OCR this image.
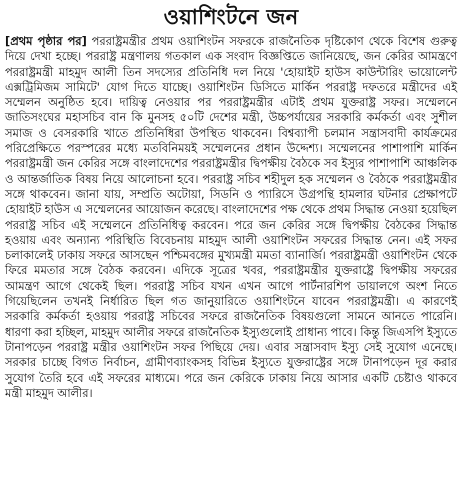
ওয়াশিংটনে জন

[প্রথম পৃষ্ঠার পর] পররাষ্ট্রমন্ত্রীর প্রথম ওয়াশিংটন সফরকে রাজনৈতিক দৃষ্টিকোণ থেকে বিশেষ গুরুত্ব দিয়ে দেখা হচ্ছে। পররাষ্ট্র মন্ত্রণালয় গতকাল এক সংবাদ বিজ্ঞপ্তিতে জানিয়েছে, জন কেরির আমন্ত্রণে পররাষ্ট্রমন্ত্রী মাহমুদ আলী তিন সদস্যের প্রতিনিধি দল নিয়ে 'হোয়াইট হাউস কাউন্টারিং ভায়োলেন্ট এক্সট্রিমিজম সামিটে' যোগ দিতে যাচ্ছে। ওয়াশিংটন ডিসিতে মার্কিন পররাষ্ট্র দফতরে মন্ত্রীদের এই সম্মেলন অনুষ্ঠিত হবে। দায়িত্ব নেওয়ার পর পররাষ্ট্রমন্ত্রীর এটাই প্রথম যুক্তরাষ্ট্র সফর। সম্মেলনে জাতিসংঘের মহাসচিব বান কি মুনসহ ৫০টি দেশের মন্ত্রী, উচ্চপর্যায়ের সরকারি কর্মকর্তা এবং সুশীল সমাজ ও বেসরকারি খাতে প্রতিনিধিরা উপস্থিত থাকবেন। বিশ্বব্যাপী চলমান সন্ত্রাসবাদী কার্যক্রমের পরিপ্রেক্ষিতে পরস্পরের মধ্যে মতবিনিময়ই সম্মেলনের প্রধান উদ্দেশ্য। সম্মেলনের পাশাপাশি মার্কিন পররাষ্ট্রমন্ত্রী জন কেরির সঙ্গে বাংলাদেশের পররাষ্ট্রমন্ত্রীর দ্বিপক্ষীয় বৈঠকে সব ইস্যুর পাশাপাশি আঞ্চলিক ও আন্তর্জাতিক বিষয় নিয়ে আলোচনা হবে। পররাষ্ট্র সচিব শহীদুল হক সম্মেলন ও বৈঠকে পররাষ্ট্রমন্ত্রীর সঙ্গে থাকবেন। জানা যায়, সম্প্রতি অটোয়া, সিডনি ও প্যারিসে উগ্রপন্থি হামলার ঘটনার প্রেক্ষাপটে হোয়াইট হাউস এ সম্মেলনের আয়োজন করেছে। বাংলাদেশের পক্ষ থেকে প্রথম সিদ্ধান্ত নেওয়া হয়েছিল পররাষ্ট্র সচিব এই সম্মেলনে প্রতিনিধিত্ব করবেন। পরে জন কেরির সঙ্গে দ্বিপক্ষীয় বৈঠকের সিদ্ধান্ত হওয়ায় এবং অন্যান্য পরিস্থিতি বিবেচনায় মাহমুদ আলী ওয়াশিংটন সফরের সিদ্ধান্ত নেন। এই সফর চলাকালেই ঢাকায় সফরে আসছেন পশ্চিমবঙ্গের মুখ্যমন্ত্রী মমতা ব্যানার্জি। পররাষ্ট্রমন্ত্রী ওয়াশিংটন থেকে ফিরে মমতার সঙ্গে বৈঠক করবেন। এদিকে সূত্রের খবর, পররাষ্ট্রমন্ত্রীর যুক্তরাষ্ট্রে দ্বিপক্ষীয় সফরের আমন্ত্রণ আগে থেকেই ছিল। পররাষ্ট্র সচিব যখন এখন আগে পার্টনারশিপ ডায়ালগে অংশ নিতে গিয়েছিলেন তখনই নির্ধারিত ছিল গত জানুয়ারিতে ওয়াশিংটনে যাবেন পররাষ্ট্রমন্ত্রী। এ কারণেই সরকারি কর্মকর্তা হওয়ায় পররাষ্ট্র সচিবের সফরে রাজনৈতিক বিষয়গুলো সামনে আনতে পারেনি। ধারণা করা হচ্ছিল, মাহমুদ আলীর সফরে রাজনৈতিক ইস্যুগুলোই প্রাধান্য পাবে। কিন্তু জিএসপি ইস্যুতে টানাপড়েন পররাষ্ট্র মন্ত্রীর ওয়াশিংটন সফর পিছিয়ে দেয়। এবার সন্ত্রাসবাদ ইস্যু সেই সুযোগ এনেছে। সরকার চাচ্ছে বিগত নির্বাচন, গ্রামীণব্যাংকসহ বিভিন্ন ইস্যুতে যুক্তরাষ্ট্রের সঙ্গে টানাপড়েন দূর করার সুযোগ তৈরি হবে এই সফরের মাধ্যমে। পরে জন কেরিকে ঢাকায় নিয়ে আসার একটি চেষ্টাও থাকবে মন্ত্রী মাহমুদ আলীর।
